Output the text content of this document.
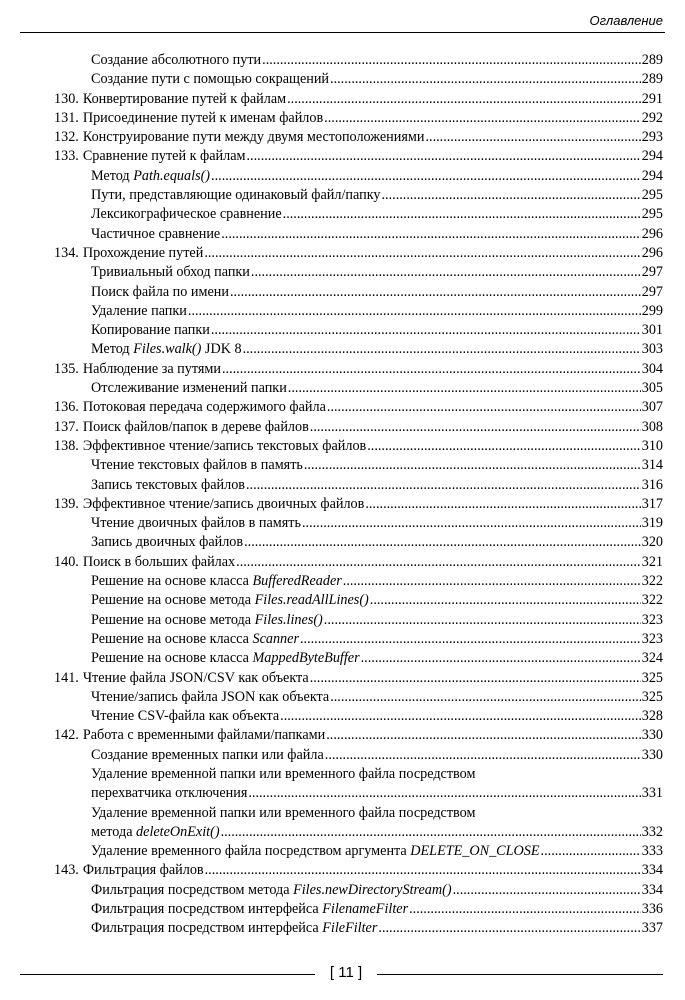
Оглавление
Создание абсолютного пути .....	289
Создание пути с помощью сокращений .....	289
130. Конвертирование путей к файлам .....	291
131. Присоединение путей к именам файлов .....	292
132. Конструирование пути между двумя местоположениями .....	293
133. Сравнение путей к файлам .....	294
Метод Path.equals() .....	294
Пути, представляющие одинаковый файл/папку .....	295
Лексикографическое сравнение .....	295
Частичное сравнение .....	296
134. Прохождение путей .....	296
Тривиальный обход папки .....	297
Поиск файла по имени .....	297
Удаление папки .....	299
Копирование папки .....	301
Метод Files.walk() JDK 8 .....	303
135. Наблюдение за путями .....	304
Отслеживание изменений папки .....	305
136. Потоковая передача содержимого файла .....	307
137. Поиск файлов/папок в дереве файлов .....	308
138. Эффективное чтение/запись текстовых файлов .....	310
Чтение текстовых файлов в память .....	314
Запись текстовых файлов .....	316
139. Эффективное чтение/запись двоичных файлов .....	317
Чтение двоичных файлов в память .....	319
Запись двоичных файлов .....	320
140. Поиск в больших файлах .....	321
Решение на основе класса BufferedReader .....	322
Решение на основе метода Files.readAllLines() .....	322
Решение на основе метода Files.lines() .....	323
Решение на основе класса Scanner .....	323
Решение на основе класса MappedByteBuffer .....	324
141. Чтение файла JSON/CSV как объекта .....	325
Чтение/запись файла JSON как объекта .....	325
Чтение CSV-файла как объекта .....	328
142. Работа с временными файлами/папками .....	330
Создание временных папки или файла .....	330
Удаление временной папки или временного файла посредством
перехватчика отключения .....	331
Удаление временной папки или временного файла посредством
метода deleteOnExit() .....	332
Удаление временного файла посредством аргумента DELETE_ON_CLOSE .....	333
143. Фильтрация файлов .....	334
Фильтрация посредством метода Files.newDirectoryStream() .....	334
Фильтрация посредством интерфейса FilenameFilter .....	336
Фильтрация посредством интерфейса FileFilter .....	337
[ 11 ]
